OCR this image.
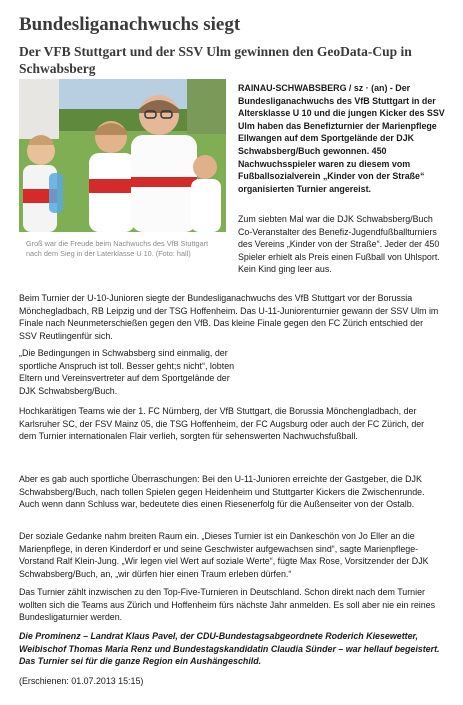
Bundesliganachwuchs siegt
Der VFB Stuttgart und der SSV Ulm gewinnen den GeoData-Cup in Schwabsberg
Groß war die Freude beim Nachwuchs des VfB Stuttgart nach dem Sieg in der Laterklasse U 10. (Foto: hall)
RAINAU-SCHWABSBERG / sz · (an) - Der Bundesliganachwuchs des VfB Stuttgart in der Altersklasse U 10 und die jungen Kicker des SSV Ulm haben das Benefizturnier der Marienpflege Ellwangen auf dem Sportgelände der DJK Schwabsberg/Buch gewonnen. 450 Nachwuchsspieler waren zu diesem vom Fußballsozialverein „Kinder von der Straße“ organisierten Turnier angereist.
Zum siebten Mal war die DJK Schwabsberg/Buch Co-Veranstalter des Benefiz-Jugendfußballturniers des Vereins „Kinder von der Straße“. Jeder der 450 Spieler erhielt als Preis einen Fußball von Uhlsport. Kein Kind ging leer aus.

Beim Turnier der U-10-Junioren siegte der Bundesliganachwuchs des VfB Stuttgart vor der Borussia Mönchegladbach, RB Leipzig und der TSG Hoffenheim. Das U-11-Juniorenturnier gewann der SSV Ulm im Finale nach Neunmeterschießen gegen den VfB. Das kleine Finale gegen den FC Zürich entschied der SSV Reutlingenfür sich.

„Die Bedingungen in Schwabsberg sind einmalig, der sportliche Anspruch ist toll. Besser geht;s nicht“, lobten Eltern und Vereinsvertreter auf dem Sportgelände der DJK Schwabsberg/Buch.

Hochkarätigen Teams wie der 1. FC Nürnberg, der VfB Stuttgart, die Borussia Mönchengladbach, der Karlsruher SC, der FSV Mainz 05, die TSG Hoffenheim, der FC Augsburg oder auch der FC Zürich, der dem Turnier internationalen Flair verlieh, sorgten für sehenswerten Nachwuchsfußball.

Aber es gab auch sportliche Überraschungen: Bei den U-11-Junioren erreichte der Gastgeber, die DJK Schwabsberg/Buch, nach tollen Spielen gegen Heidenheim und Stuttgarter Kickers die Zwischenrunde. Auch wenn dann Schluss war, bedeutete dies einen Riesenerfolg für die Außenseiter von der Ostalb.

Der soziale Gedanke nahm breiten Raum ein. „Dieses Turnier ist ein Dankeschön von Jo Eller an die Marienpflege, in deren Kinderdorf er und seine Geschwister aufgewachsen sind“, sagte Marienpflege-Vorstand Ralf Klein-Jung. „Wir legen viel Wert auf soziale Werte“, fügte Max Rose, Vorsitzender der DJK Schwabsberg/Buch, an, „wir dürfen hier einen Traum erleben dürfen.“

Das Turnier zählt inzwischen zu den Top-Five-Turnieren in Deutschland. Schon direkt nach dem Turnier wollten sich die Teams aus Zürich und Hoffenheim fürs nächste Jahr anmelden. Es soll aber nie ein reines Bundesligaturnier werden.

Die Prominenz – Landrat Klaus Pavel, der CDU-Bundestagsabgeordnete Roderich Kiesewetter, Weibischof Thomas Maria Renz und Bundestagskandidatin Claudia Sünder – war hellauf begeistert. Das Turnier sei für die ganze Region ein Aushängeschild.

(Erschienen: 01.07.2013 15:15)
